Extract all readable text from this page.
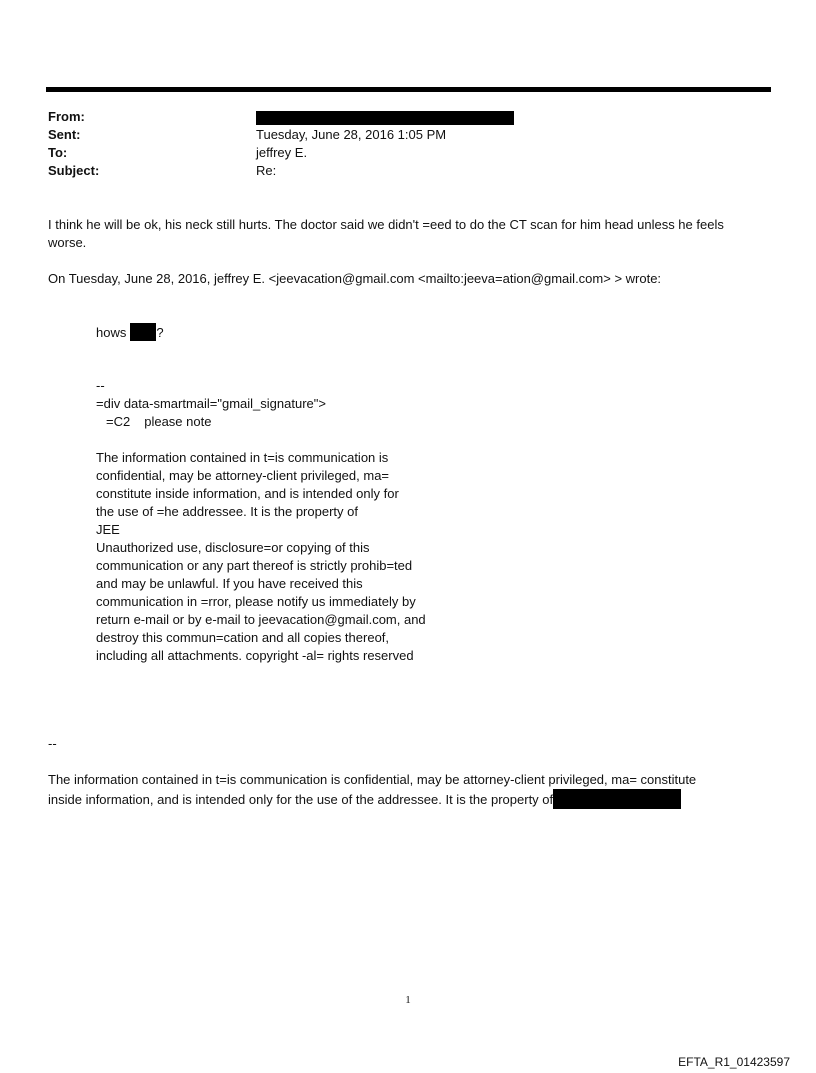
From:
Sent:	Tuesday, June 28, 2016 1:05 PM
To:	jeffrey E.
Subject:	Re:
I think he will be ok, his neck still hurts. The doctor said we didn't =eed to do the CT scan for him head unless he feels
worse.
On Tuesday, June 28, 2016, jeffrey E. <jeevacation@gmail.com <mailto:jeeva=ation@gmail.com> > wrote:
hows ?
--
=div data-smartmail="gmail_signature">
=C2 please note
The information contained in t=is communication is
confidential, may be attorney-client privileged, ma=
constitute inside information, and is intended only for
the use of =he addressee. It is the property of
JEE
Unauthorized use, disclosure=or copying of this
communication or any part thereof is strictly prohib=ted
and may be unlawful. If you have received this
communication in =rror, please notify us immediately by
return e-mail or by e-mail to jeevacation@gmail.com, and
destroy this commun=cation and all copies thereof,
including all attachments. copyright -al= rights reserved
--
The information contained in t=is communication is confidential, may be attorney-client privileged, ma= constitute
inside information, and is intended only for the use of the addressee. It is the property of
1
EFTA_R1_01423597
